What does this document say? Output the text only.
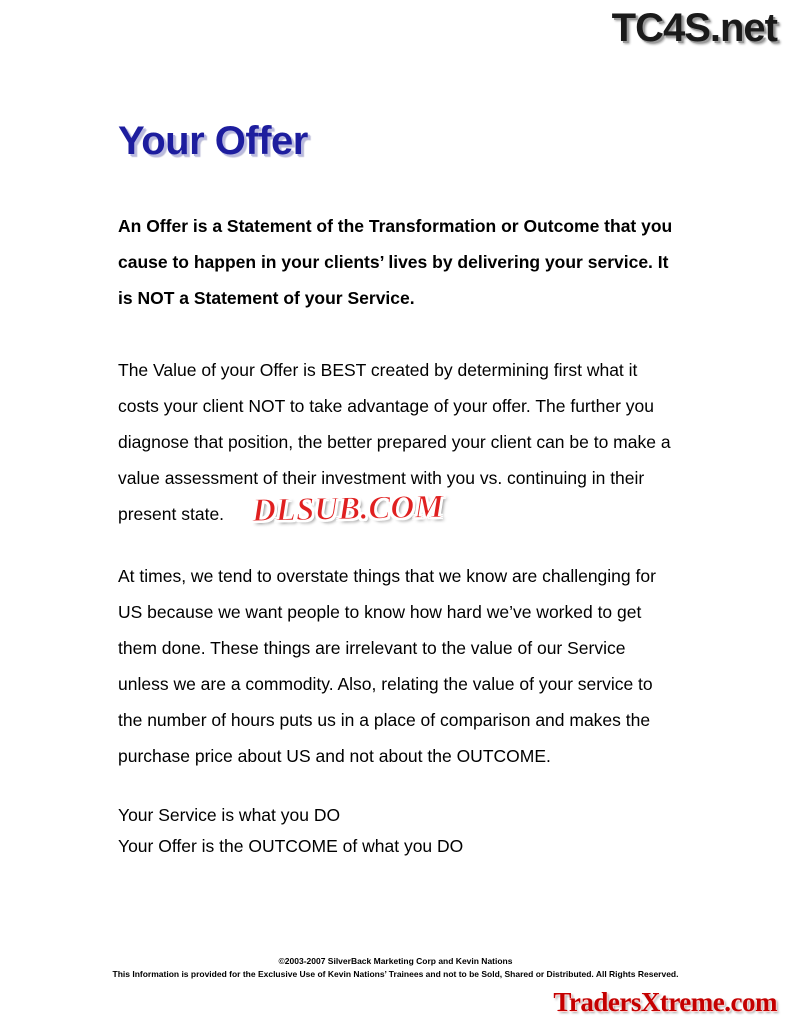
TC4S.net
Your Offer

An Offer is a Statement of the Transformation or Outcome that you cause to happen in your clients’ lives by delivering your service. It is NOT a Statement of your Service.

The Value of your Offer is BEST created by determining first what it costs your client NOT to take advantage of your offer. The further you diagnose that position, the better prepared your client can be to make a value assessment of their investment with you vs. continuing in their present state.

At times, we tend to overstate things that we know are challenging for US because we want people to know how hard we’ve worked to get them done. These things are irrelevant to the value of our Service unless we are a commodity. Also, relating the value of your service to the number of hours puts us in a place of comparison and makes the purchase price about US and not about the OUTCOME.

Your Service is what you DO

Your Offer is the OUTCOME of what you DO

DLSUB.COM
©2003-2007 SilverBack Marketing Corp and Kevin Nations
This Information is provided for the Exclusive Use of Kevin Nations’ Trainees and not to be Sold, Shared or Distributed. All Rights Reserved.
TradersXtreme.com
